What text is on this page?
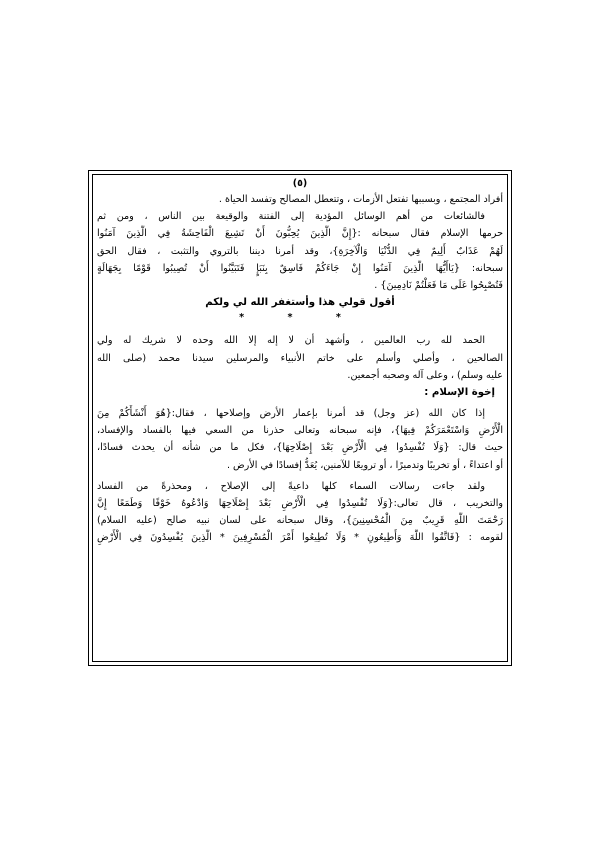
(٥)
أفراد المجتمع ، وبسببها تفتعل الأزمات ، وتتعطل المصالح وتفسد الحياة .
فالشائعات من أهم الوسائل المؤدية إلى الفتنة والوقيعة بين الناس ، ومن ثم
حرمها الإسلام فقال سبحانه :{إِنَّ الَّذِينَ يُحِبُّونَ أَنْ تَشِيعَ الْفَاحِشَةُ فِي الَّذِينَ آمَنُوا
لَهُمْ عَذَابٌ أَلِيمٌ فِي الدُّنْيَا وَالْآخِرَةِ}، وقد أمرنا ديننا بالتروي والتثبت ، فقال الحق
سبحانه: {يَاأَيُّهَا الَّذِينَ آمَنُوا إِنْ جَاءَكُمْ فَاسِقٌ بِنَبَإٍ فَتَبَيَّنُوا أَنْ تُصِيبُوا قَوْمًا بِجَهَالَةٍ
فَتُصْبِحُوا عَلَى مَا فَعَلْتُمْ نَادِمِينَ} .
أقول قولي هذا وأستغفر الله لي ولكم
* * *
الحمد لله رب العالمين ، وأشهد أن لا إله إلا الله وحده لا شريك له ولي
الصالحين ، وأصلي وأسلم على خاتم الأنبياء والمرسلين سيدنا محمد (صلى الله
عليه وسلم) ، وعلى آله وصحبه أجمعين.
إخوة الإسلام :
إذا كان الله (عز وجل) قد أمرنا بإعمار الأرض وإصلاحها ، فقال:{هُوَ أَنْشَأَكُمْ مِنَ
الْأَرْضِ وَاسْتَعْمَرَكُمْ فِيهَا}، فإنه سبحانه وتعالى حذرنا من السعي فيها بالفساد والإفساد،
حيث قال: {وَلَا تُفْسِدُوا فِي الْأَرْضِ بَعْدَ إِصْلَاحِهَا}، فكل ما من شأنه أن يحدث فسادًا،
أو اعتداءً ، أو تخريبًا وتدميرًا ، أو ترويعًا للآمنين، يُعَدُّ إفسادًا في الأرض .
ولقد جاءت رسالات السماء كلها داعيةً إلى الإصلاح ، ومحذرةً من الفساد
والتخريب ، قال تعالى:{وَلَا تُفْسِدُوا فِي الْأَرْضِ بَعْدَ إِصْلَاحِهَا وَادْعُوهُ خَوْفًا وَطَمَعًا إِنَّ
رَحْمَتَ اللَّهِ قَرِيبٌ مِنَ الْمُحْسِنِينَ}، وقال سبحانه على لسان نبيه صالح (عليه السلام)
لقومه : {فَاتَّقُوا اللَّهَ وَأَطِيعُونِ * وَلَا تُطِيعُوا أَمْرَ الْمُسْرِفِينَ * الَّذِينَ يُفْسِدُونَ فِي الْأَرْضِ
